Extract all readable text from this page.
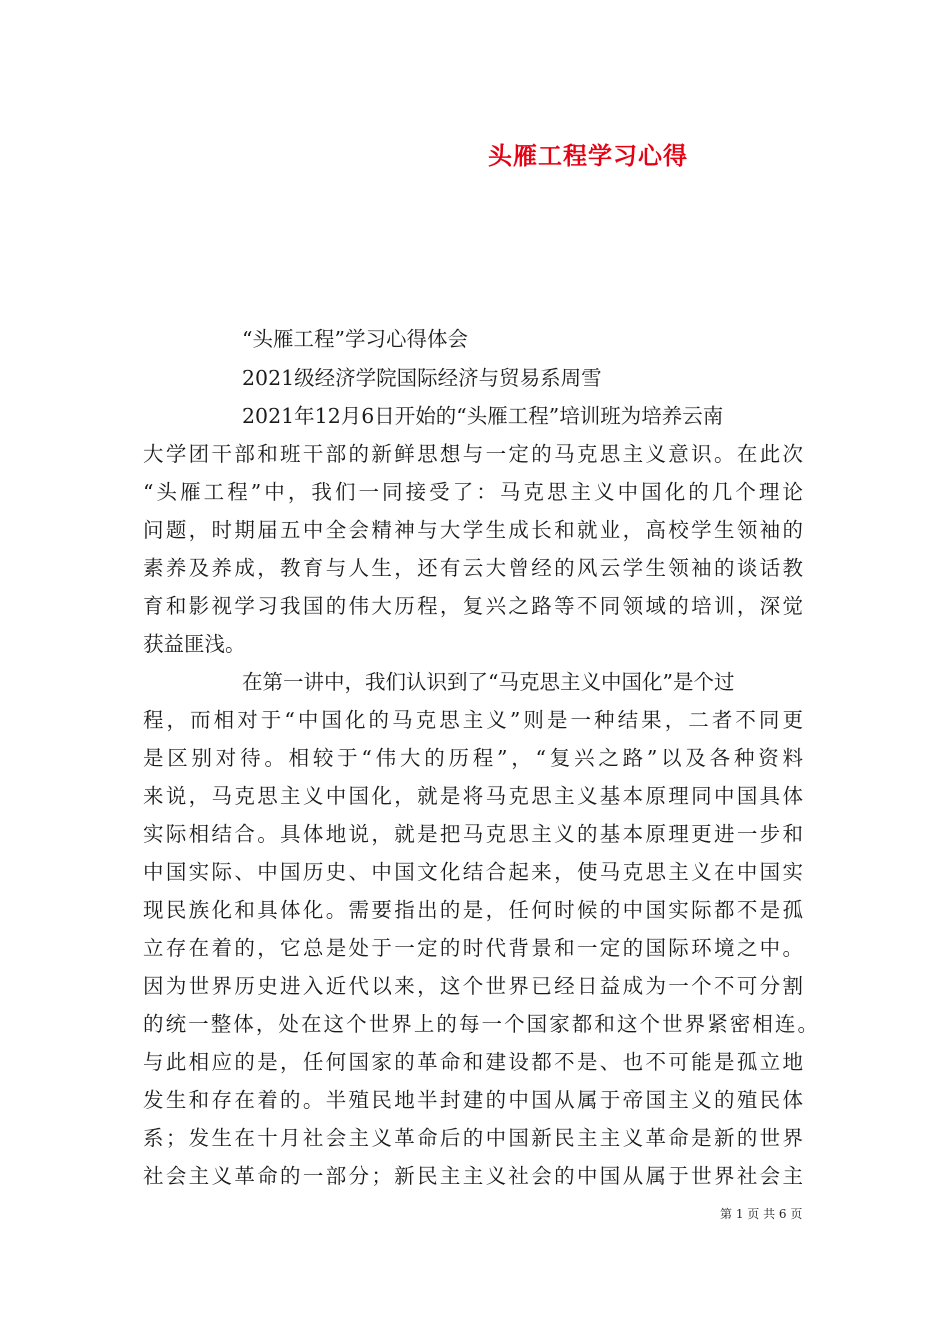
头雁工程学习心得

“头雁工程”学习心得体会

2021级经济学院国际经济与贸易系周雪

2021年12月6日开始的“头雁工程”培训班为培养云南

大学团干部和班干部的新鲜思想与一定的马克思主义意识。在此次

“头雁工程”中，我们一同接受了：马克思主义中国化的几个理论

问题，时期届五中全会精神与大学生成长和就业，高校学生领袖的

素养及养成，教育与人生，还有云大曾经的风云学生领袖的谈话教

育和影视学习我国的伟大历程，复兴之路等不同领域的培训，深觉

获益匪浅。

在第一讲中，我们认识到了“马克思主义中国化”是个过

程，而相对于“中国化的马克思主义”则是一种结果，二者不同更

是区别对待。相较于“伟大的历程”，“复兴之路”以及各种资料

来说，马克思主义中国化，就是将马克思主义基本原理同中国具体

实际相结合。具体地说，就是把马克思主义的基本原理更进一步和

中国实际、中国历史、中国文化结合起来，使马克思主义在中国实

现民族化和具体化。需要指出的是，任何时候的中国实际都不是孤

立存在着的，它总是处于一定的时代背景和一定的国际环境之中。

因为世界历史进入近代以来，这个世界已经日益成为一个不可分割

的统一整体，处在这个世界上的每一个国家都和这个世界紧密相连。

与此相应的是，任何国家的革命和建设都不是、也不可能是孤立地

发生和存在着的。半殖民地半封建的中国从属于帝国主义的殖民体

系；发生在十月社会主义革命后的中国新民主主义革命是新的世界

社会主义革命的一部分；新民主主义社会的中国从属于世界社会主

第 1 页 共 6 页
